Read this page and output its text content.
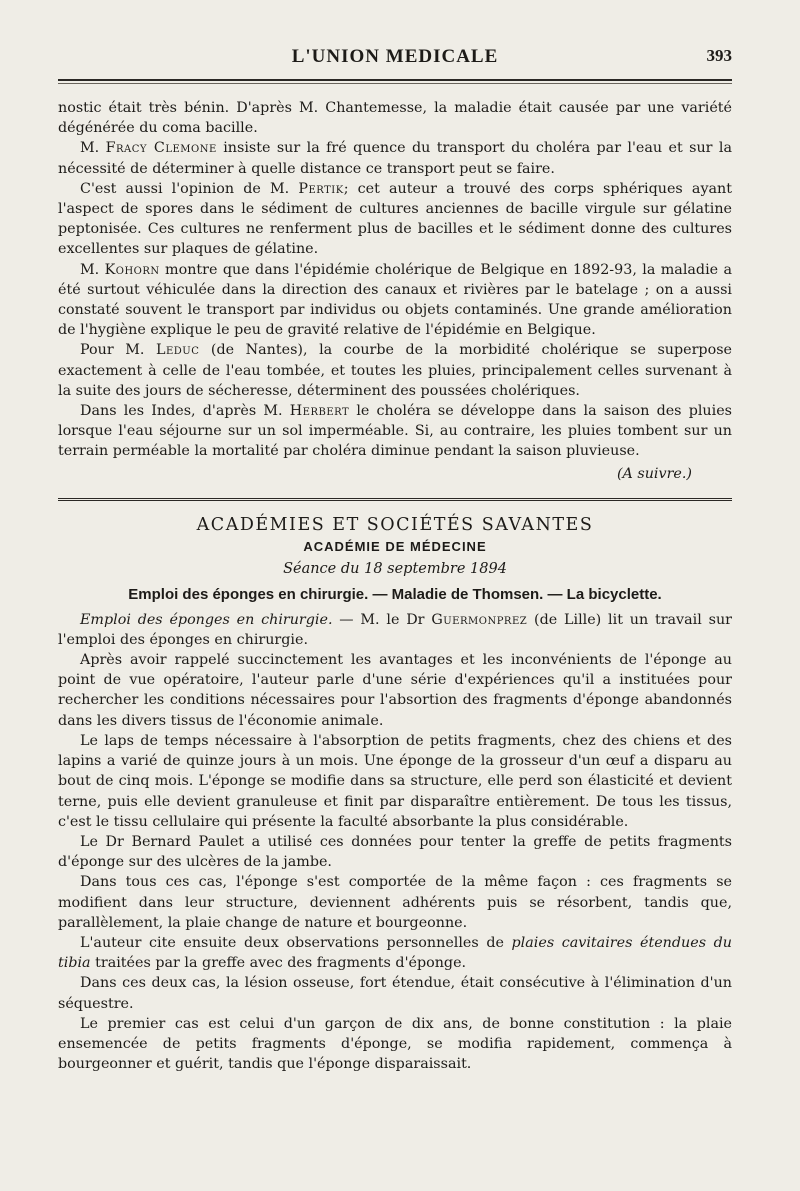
L'UNION MEDICALE	393

nostic était très bénin. D'après M. Chantemesse, la maladie était causée par une variété dégénérée du coma bacille.

M. Fracy Clemone insiste sur la fré quence du transport du choléra par l'eau et sur la nécessité de déterminer à quelle distance ce transport peut se faire.

C'est aussi l'opinion de M. Pertik; cet auteur a trouvé des corps sphériques ayant l'aspect de spores dans le sédiment de cultures anciennes de bacille virgule sur gélatine peptonisée. Ces cultures ne renferment plus de bacilles et le sédiment donne des cultures excellentes sur plaques de gélatine.

M. Kohorn montre que dans l'épidémie cholérique de Belgique en 1892-93, la maladie a été surtout véhiculée dans la direction des canaux et rivières par le batelage ; on a aussi constaté souvent le transport par individus ou objets contaminés. Une grande amélioration de l'hygiène explique le peu de gravité relative de l'épidémie en Belgique.

Pour M. Leduc (de Nantes), la courbe de la morbidité cholérique se superpose exactement à celle de l'eau tombée, et toutes les pluies, principalement celles survenant à la suite des jours de sécheresse, déterminent des poussées cholériques.

Dans les Indes, d'après M. Herbert le choléra se développe dans la saison des pluies lorsque l'eau séjourne sur un sol imperméable. Si, au contraire, les pluies tombent sur un terrain perméable la mortalité par choléra diminue pendant la saison pluvieuse.

(A suivre.)
ACADÉMIES ET SOCIÉTÉS SAVANTES
ACADÉMIE DE MÉDECINE
Séance du 18 septembre 1894
Emploi des éponges en chirurgie. — Maladie de Thomsen. — La bicyclette.

Emploi des éponges en chirurgie. — M. le Dr Guermonprez (de Lille) lit un travail sur l'emploi des éponges en chirurgie.

Après avoir rappelé succinctement les avantages et les inconvénients de l'éponge au point de vue opératoire, l'auteur parle d'une série d'expériences qu'il a instituées pour rechercher les conditions nécessaires pour l'absortion des fragments d'éponge abandonnés dans les divers tissus de l'économie animale.

Le laps de temps nécessaire à l'absorption de petits fragments, chez des chiens et des lapins a varié de quinze jours à un mois. Une éponge de la grosseur d'un œuf a disparu au bout de cinq mois. L'éponge se modifie dans sa structure, elle perd son élasticité et devient terne, puis elle devient granuleuse et finit par disparaître entièrement. De tous les tissus, c'est le tissu cellulaire qui présente la faculté absorbante la plus considérable.

Le Dr Bernard Paulet a utilisé ces données pour tenter la greffe de petits fragments d'éponge sur des ulcères de la jambe.

Dans tous ces cas, l'éponge s'est comportée de la même façon : ces fragments se modifient dans leur structure, deviennent adhérents puis se résorbent, tandis que, parallèlement, la plaie change de nature et bourgeonne.

L'auteur cite ensuite deux observations personnelles de plaies cavitaires étendues du tibia traitées par la greffe avec des fragments d'éponge.

Dans ces deux cas, la lésion osseuse, fort étendue, était consécutive à l'élimination d'un séquestre.

Le premier cas est celui d'un garçon de dix ans, de bonne constitution : la plaie ensemencée de petits fragments d'éponge, se modifia rapidement, commença à bourgeonner et guérit, tandis que l'éponge disparaissait.
